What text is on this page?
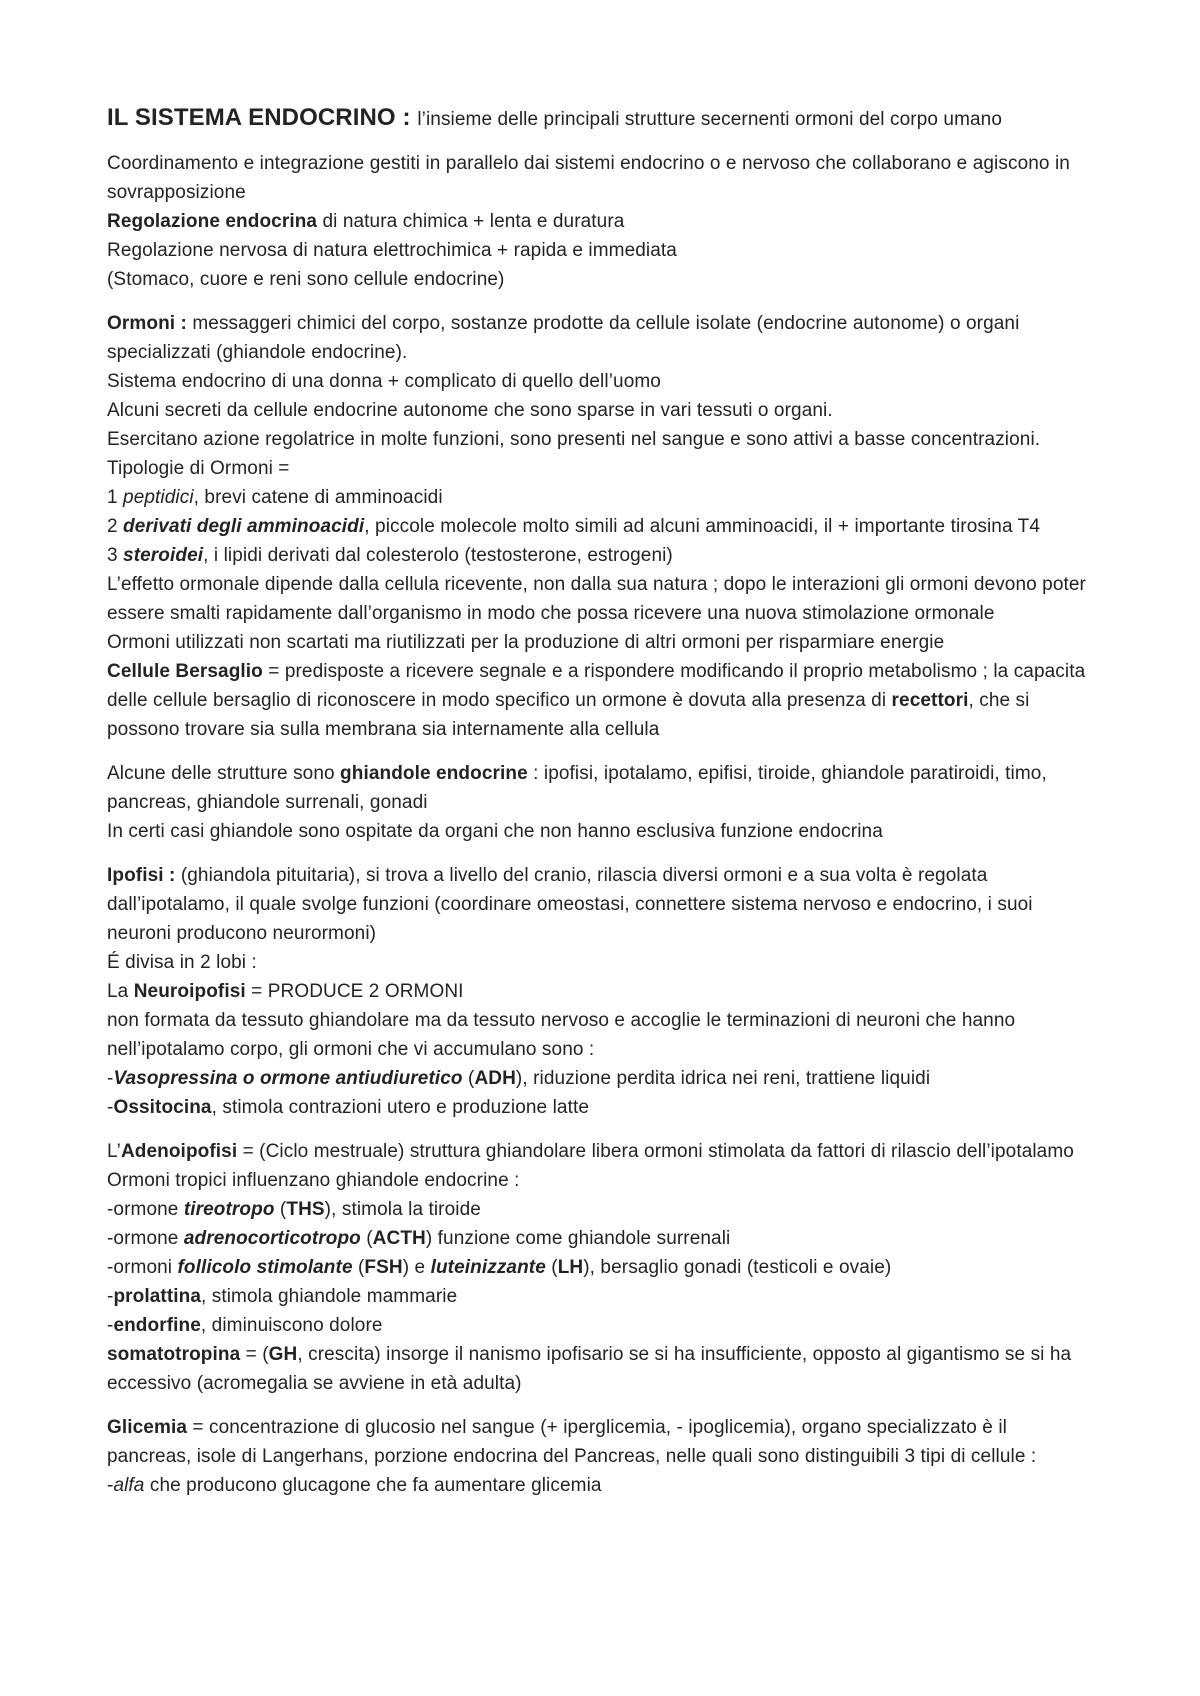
IL SISTEMA ENDOCRINO : l’insieme delle principali strutture secernenti ormoni del corpo umano

Coordinamento e integrazione gestiti in parallelo dai sistemi endocrino o e nervoso che collaborano e agiscono in sovrapposizione

Regolazione endocrina di natura chimica + lenta e duratura

Regolazione nervosa di natura elettrochimica + rapida e immediata

(Stomaco, cuore e reni sono cellule endocrine)

Ormoni : messaggeri chimici del corpo, sostanze prodotte da cellule isolate (endocrine autonome) o organi specializzati (ghiandole endocrine).

Sistema endocrino di una donna + complicato di quello dell’uomo

Alcuni secreti da cellule endocrine autonome che sono sparse in vari tessuti o organi.

Esercitano azione regolatrice in molte funzioni, sono presenti nel sangue e sono attivi a basse concentrazioni.

Tipologie di Ormoni =

1 peptidici, brevi catene di amminoacidi

2 derivati degli amminoacidi, piccole molecole molto simili ad alcuni amminoacidi, il + importante tirosina T4

3 steroidei, i lipidi derivati dal colesterolo (testosterone, estrogeni)

L’effetto ormonale dipende dalla cellula ricevente, non dalla sua natura ; dopo le interazioni gli ormoni devono poter essere smalti rapidamente dall’organismo in modo che possa ricevere una nuova stimolazione ormonale

Ormoni utilizzati non scartati ma riutilizzati per la produzione di altri ormoni per risparmiare energie

Cellule Bersaglio = predisposte a ricevere segnale e a rispondere modificando il proprio metabolismo ; la capacita delle cellule bersaglio di riconoscere in modo specifico un ormone è dovuta alla presenza di recettori, che si possono trovare sia sulla membrana sia internamente alla cellula

Alcune delle strutture sono ghiandole endocrine : ipofisi, ipotalamo, epifisi, tiroide, ghiandole paratiroidi, timo, pancreas, ghiandole surrenali, gonadi

In certi casi ghiandole sono ospitate da organi che non hanno esclusiva funzione endocrina

Ipofisi : (ghiandola pituitaria), si trova a livello del cranio, rilascia diversi ormoni e a sua volta è regolata dall’ipotalamo, il quale svolge funzioni (coordinare omeostasi, connettere sistema nervoso e endocrino, i suoi neuroni producono neurormoni)

É divisa in 2 lobi :

La Neuroipofisi = PRODUCE 2 ORMONI

non formata da tessuto ghiandolare ma da tessuto nervoso e accoglie le terminazioni di neuroni che hanno nell’ipotalamo corpo, gli ormoni che vi accumulano sono :

-Vasopressina o ormone antiudiuretico (ADH), riduzione perdita idrica nei reni, trattiene liquidi

-Ossitocina, stimola contrazioni utero e produzione latte

L’Adenoipofisi = (Ciclo mestruale) struttura ghiandolare libera ormoni stimolata da fattori di rilascio dell’ipotalamo

Ormoni tropici influenzano ghiandole endocrine :

-ormone tireotropo (THS), stimola la tiroide

-ormone adrenocorticotropo (ACTH) funzione come ghiandole surrenali

-ormoni follicolo stimolante (FSH) e luteinizzante (LH), bersaglio gonadi (testicoli e ovaie)

-prolattina, stimola ghiandole mammarie

-endorfine, diminuiscono dolore

somatotropina = (GH, crescita) insorge il nanismo ipofisario se si ha insufficiente, opposto al gigantismo se si ha eccessivo (acromegalia se avviene in età adulta)

Glicemia = concentrazione di glucosio nel sangue (+ iperglicemia, - ipoglicemia), organo specializzato è il pancreas, isole di Langerhans, porzione endocrina del Pancreas, nelle quali sono distinguibili 3 tipi di cellule :

-alfa che producono glucagone che fa aumentare glicemia
